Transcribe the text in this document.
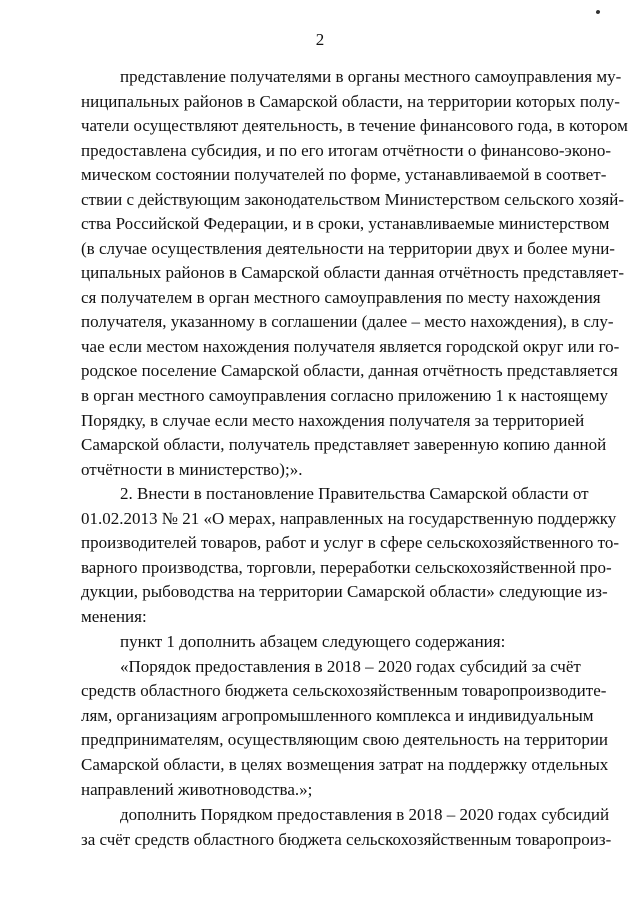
2
представление получателями в органы местного самоуправления му-
ниципальных районов в Самарской области, на территории которых полу-
чатели осуществляют деятельность, в течение финансового года, в котором
предоставлена субсидия, и по его итогам отчётности о финансово-эконо-
мическом состоянии получателей по форме, устанавливаемой в соответ-
ствии с действующим законодательством Министерством сельского хозяй-
ства Российской Федерации, и в сроки, устанавливаемые министерством
(в случае осуществления деятельности на территории двух и более муни-
ципальных районов в Самарской области данная отчётность представляет-
ся получателем в орган местного самоуправления по месту нахождения
получателя, указанному в соглашении (далее – место нахождения), в слу-
чае если местом нахождения получателя является городской округ или го-
родское поселение Самарской области, данная отчётность представляется
в орган местного самоуправления согласно приложению 1 к настоящему
Порядку, в случае если место нахождения получателя за территорией
Самарской области, получатель представляет заверенную копию данной
отчётности в министерство);».
2. Внести в постановление Правительства Самарской области от
01.02.2013 № 21 «О мерах, направленных на государственную поддержку
производителей товаров, работ и услуг в сфере сельскохозяйственного то-
варного производства, торговли, переработки сельскохозяйственной про-
дукции, рыбоводства на территории Самарской области» следующие из-
менения:
пункт 1 дополнить абзацем следующего содержания:
«Порядок предоставления в 2018 – 2020 годах субсидий за счёт
средств областного бюджета сельскохозяйственным товаропроизводите-
лям, организациям агропромышленного комплекса и индивидуальным
предпринимателям, осуществляющим свою деятельность на территории
Самарской области, в целях возмещения затрат на поддержку отдельных
направлений животноводства.»;
дополнить Порядком предоставления в 2018 – 2020 годах субсидий
за счёт средств областного бюджета сельскохозяйственным товаропроиз-
